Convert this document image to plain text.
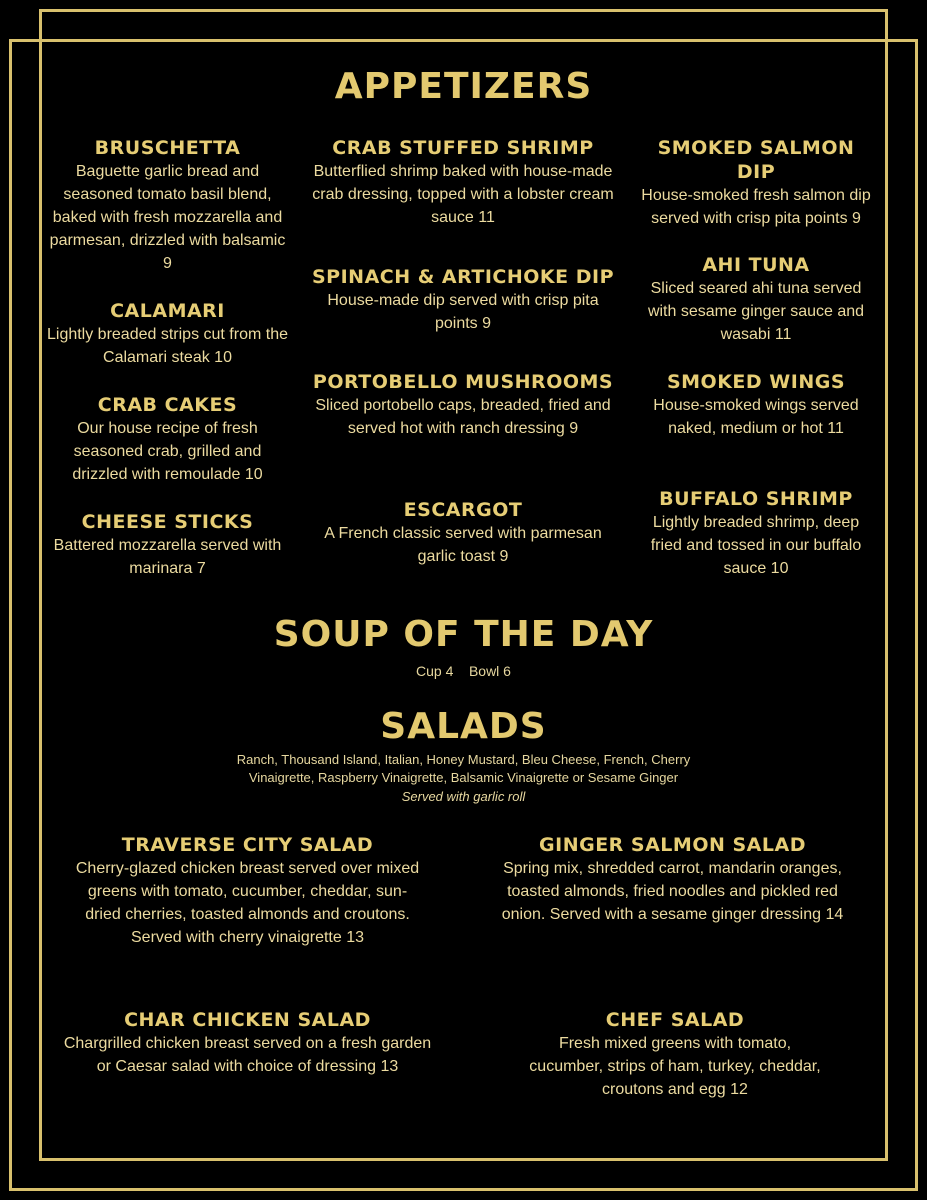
APPETIZERS
BRUSCHETTA
Baguette garlic bread and seasoned tomato basil blend, baked with fresh mozzarella and parmesan, drizzled with balsamic 9
CALAMARI
Lightly breaded strips cut from the Calamari steak 10
CRAB CAKES
Our house recipe of fresh seasoned crab, grilled and drizzled with remoulade 10
CHEESE STICKS
Battered mozzarella served with marinara 7
CRAB STUFFED SHRIMP
Butterflied shrimp baked with house-made crab dressing, topped with a lobster cream sauce 11
SPINACH & ARTICHOKE DIP
House-made dip served with crisp pita points 9
PORTOBELLO MUSHROOMS
Sliced portobello caps, breaded, fried and served hot with ranch dressing 9
ESCARGOT
A French classic served with parmesan garlic toast 9
SMOKED SALMON DIP
House-smoked fresh salmon dip served with crisp pita points 9
AHI TUNA
Sliced seared ahi tuna served with sesame ginger sauce and wasabi 11
SMOKED WINGS
House-smoked wings served naked, medium or hot 11
BUFFALO SHRIMP
Lightly breaded shrimp, deep fried and tossed in our buffalo sauce 10
SOUP OF THE DAY
Cup 4    Bowl 6
SALADS
Ranch, Thousand Island, Italian, Honey Mustard, Bleu Cheese, French, Cherry
Vinaigrette, Raspberry Vinaigrette, Balsamic Vinaigrette or Sesame Ginger
Served with garlic roll
TRAVERSE CITY SALAD
Cherry-glazed chicken breast served over mixed greens with tomato, cucumber, cheddar, sun-dried cherries, toasted almonds and croutons. Served with cherry vinaigrette 13
GINGER SALMON SALAD
Spring mix, shredded carrot, mandarin oranges, toasted almonds, fried noodles and pickled red onion. Served with a sesame ginger dressing 14
CHAR CHICKEN SALAD
Chargrilled chicken breast served on a fresh garden or Caesar salad with choice of dressing 13
CHEF SALAD
Fresh mixed greens with tomato, cucumber, strips of ham, turkey, cheddar, croutons and egg 12
